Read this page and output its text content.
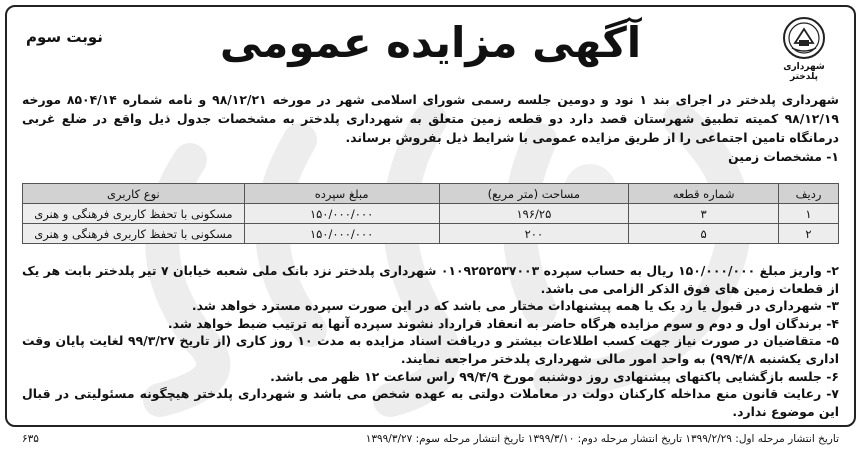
شهرداری پلدختر
آگهی مزایده عمومی
نوبت سوم
شهرداری پلدختر در اجرای بند ۱ نود و دومین جلسه رسمی شورای اسلامی شهر در مورخه ۹۸/۱۲/۲۱ و نامه شماره ۸۵۰۴/۱۴ مورخه ۹۸/۱۲/۱۹ کمیته تطبیق شهرستان قصد دارد دو قطعه زمین متعلق به شهرداری پلدختر به مشخصات جدول ذیل واقع در ضلع غربی درمانگاه تامین اجتماعی را از طریق مزایده عمومی با شرایط ذیل بفروش برساند.
۱- مشخصات زمین
ردیف	شماره قطعه	مساحت (متر مربع)	مبلغ سپرده	نوع کاربری
۱	۳	۱۹۶/۲۵	۱۵۰/۰۰۰/۰۰۰	مسکونی با تحفظ کاربری فرهنگی و هنری
۲	۵	۲۰۰	۱۵۰/۰۰۰/۰۰۰	مسکونی با تحفظ کاربری فرهنگی و هنری

۲- واریز مبلغ ۱۵۰/۰۰۰/۰۰۰ ریال به حساب سپرده ۰۱۰۹۲۵۲۵۳۷۰۰۳ شهرداری پلدختر نزد بانک ملی شعبه خیابان ۷ تیر پلدختر بابت هر یک از قطعات زمین های فوق الذکر الزامی می باشد.

۳- شهرداری در قبول یا رد یک یا همه پیشنهادات مختار می باشد که در این صورت سپرده مسترد خواهد شد.

۴- برندگان اول و دوم و سوم مزایده هرگاه حاضر به انعقاد قرارداد نشوند سپرده آنها به ترتیب ضبط خواهد شد.

۵- متقاضیان در صورت نیاز جهت کسب اطلاعات بیشتر و دریافت اسناد مزایده به مدت ۱۰ روز کاری (از تاریخ ۹۹/۳/۲۷ لغایت پایان وقت اداری یکشنبه ۹۹/۴/۸) به واحد امور مالی شهرداری پلدختر مراجعه نمایند.

۶- جلسه بازگشایی پاکتهای پیشنهادی روز دوشنبه مورخ ۹۹/۴/۹ راس ساعت ۱۲ ظهر می باشد.

۷- رعایت قانون منع مداخله کارکنان دولت در معاملات دولتی به عهده شخص می باشد و شهرداری پلدختر هیچگونه مسئولیتی در قبال این موضوع ندارد.

تاریخ انتشار مرحله اول: ۱۳۹۹/۲/۲۹ تاریخ انتشار مرحله دوم: ۱۳۹۹/۳/۱۰ تاریخ انتشار مرحله سوم: ۱۳۹۹/۳/۲۷
۶۳۵
